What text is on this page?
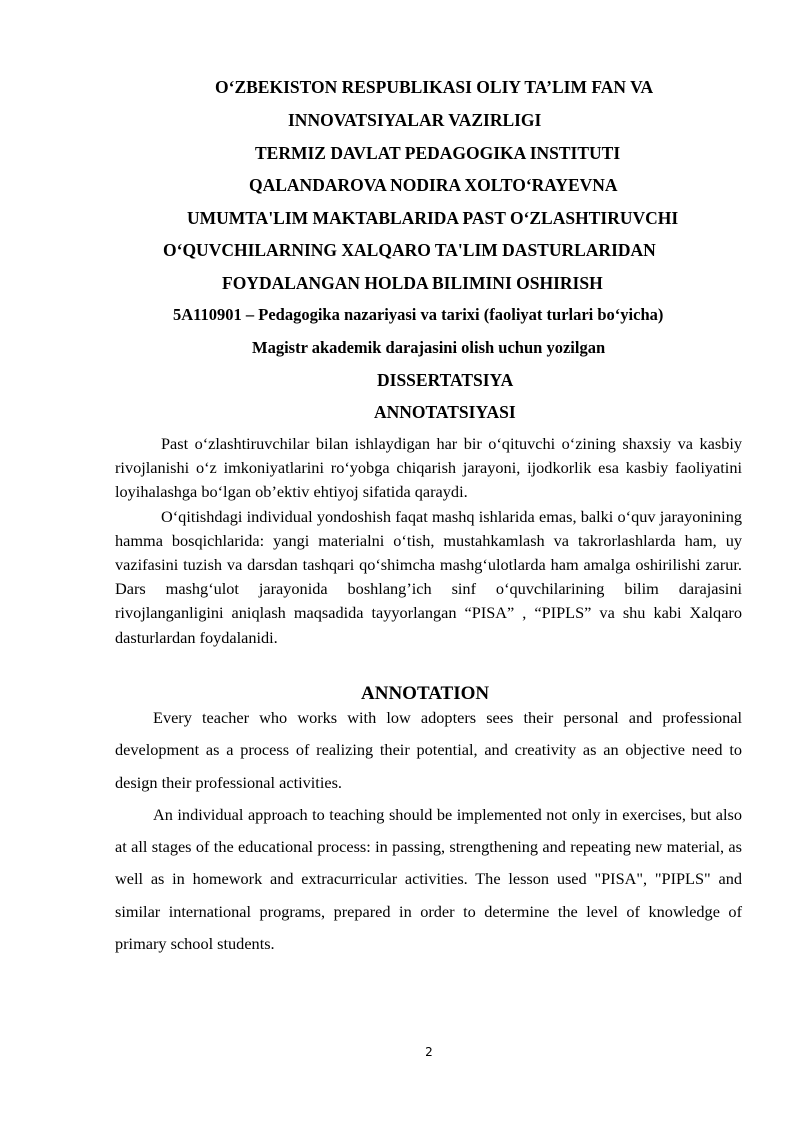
O‘ZBEKISTON RESPUBLIKASI OLIY TA’LIM FAN VA

INNOVATSIYALAR VAZIRLIGI

TERMIZ DAVLAT PEDAGOGIKA INSTITUTI

QALANDAROVA NODIRA XOLTO‘RAYEVNA

UMUMTA'LIM MAKTABLARIDA PAST O‘ZLASHTIRUVCHI

O‘QUVCHILARNING XALQARO TA'LIM DASTURLARIDAN

FOYDALANGAN HOLDA BILIMINI OSHIRISH

5A110901 – Pedagogika nazariyasi va tarixi (faoliyat turlari bo‘yicha)

Magistr akademik darajasini olish uchun yozilgan

DISSERTATSIYA

ANNOTATSIYASI

Past o‘zlashtiruvchilar bilan ishlaydigan har bir o‘qituvchi o‘zining shaxsiy va kasbiy rivojlanishi o‘z imkoniyatlarini ro‘yobga chiqarish jarayoni, ijodkorlik esa kasbiy faoliyatini loyihalashga bo‘lgan ob’ektiv ehtiyoj sifatida qaraydi.

O‘qitishdagi individual yondoshish faqat mashq ishlarida emas, balki o‘quv jarayonining hamma bosqichlarida: yangi materialni o‘tish, mustahkamlash va takrorlashlarda ham, uy vazifasini tuzish va darsdan tashqari qo‘shimcha mashg‘ulotlarda ham amalga oshirilishi zarur. Dars mashg‘ulot jarayonida boshlang’ich sinf o‘quvchilarining bilim darajasini rivojlanganligini aniqlash maqsadida tayyorlangan “PISA” , “PIPLS” va shu kabi Xalqaro dasturlardan foydalanidi.

ANNOTATION

Every teacher who works with low adopters sees their personal and professional development as a process of realizing their potential, and creativity as an objective need to design their professional activities.

An individual approach to teaching should be implemented not only in exercises, but also at all stages of the educational process: in passing, strengthening and repeating new material, as well as in homework and extracurricular activities. The lesson used "PISA", "PIPLS" and similar international programs, prepared in order to determine the level of knowledge of primary school students.

2
